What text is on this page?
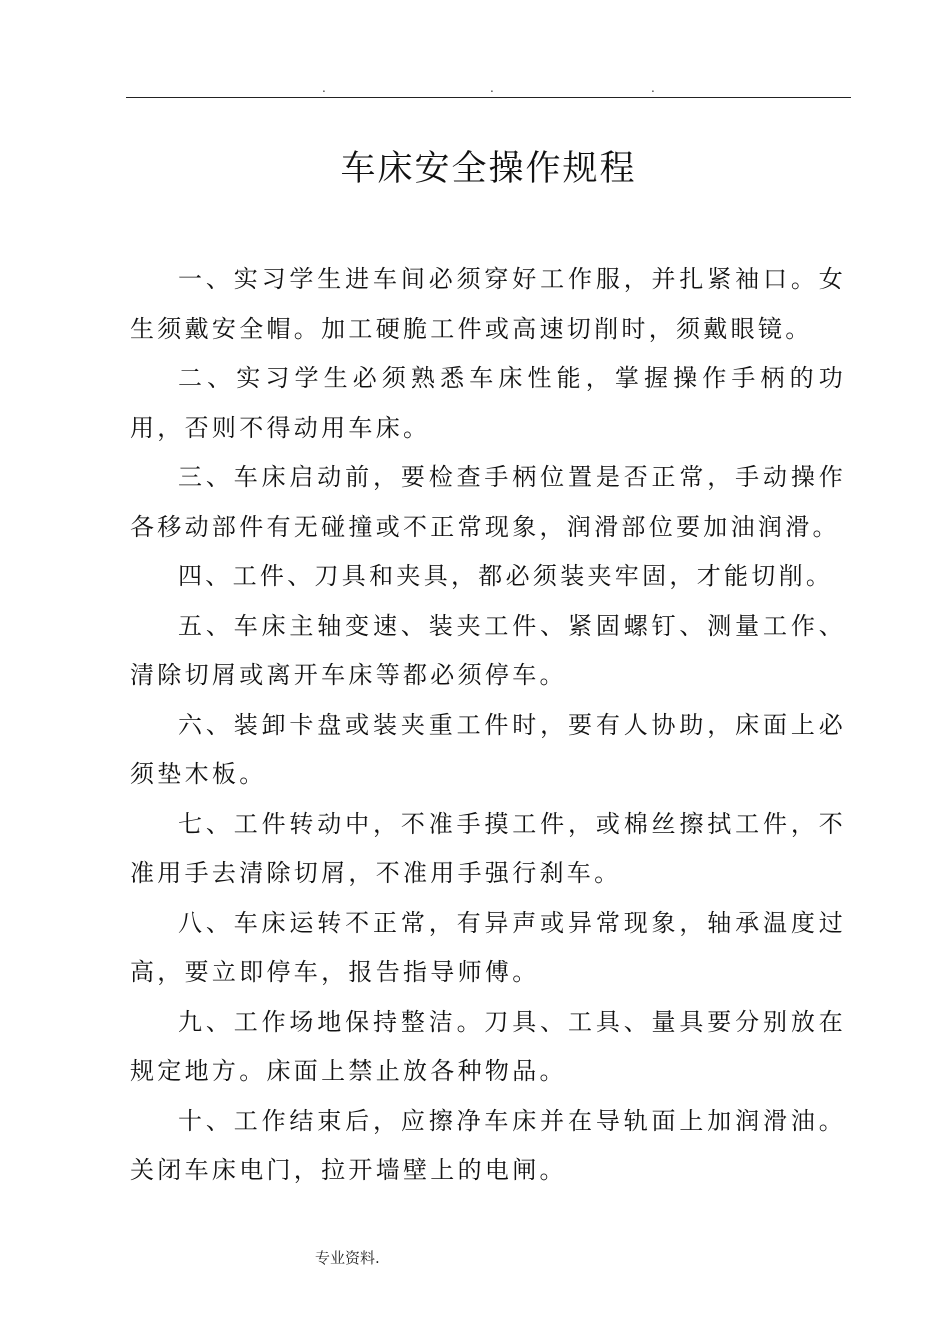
.	.	.
车床安全操作规程

一、实习学生进车间必须穿好工作服，并扎紧袖口。女生须戴安全帽。加工硬脆工件或高速切削时，须戴眼镜。

二、实习学生必须熟悉车床性能，掌握操作手柄的功用，否则不得动用车床。

三、车床启动前，要检查手柄位置是否正常，手动操作各移动部件有无碰撞或不正常现象，润滑部位要加油润滑。

四、工件、刀具和夹具，都必须装夹牢固，才能切削。

五、车床主轴变速、装夹工件、紧固螺钉、测量工作、清除切屑或离开车床等都必须停车。

六、装卸卡盘或装夹重工件时，要有人协助，床面上必须垫木板。

七、工件转动中，不准手摸工件，或棉丝擦拭工件，不准用手去清除切屑，不准用手强行刹车。

八、车床运转不正常，有异声或异常现象，轴承温度过高，要立即停车，报告指导师傅。

九、工作场地保持整洁。刀具、工具、量具要分别放在规定地方。床面上禁止放各种物品。

十、工作结束后，应擦净车床并在导轨面上加润滑油。关闭车床电门，拉开墙壁上的电闸。

专业资料.
